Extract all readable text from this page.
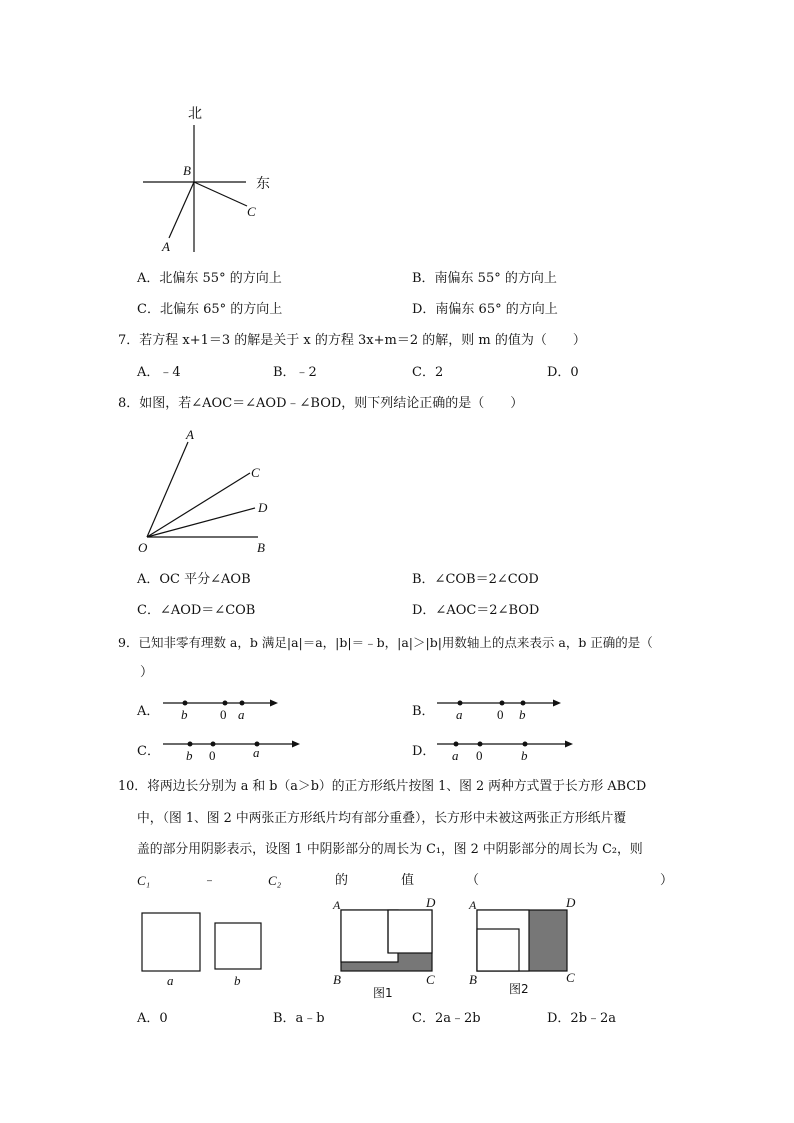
北
东
B
C
A
A．北偏东 55° 的方向上	B．南偏东 55° 的方向上
C．北偏东 65° 的方向上	D．南偏东 65° 的方向上
7．若方程 x+1＝3 的解是关于 x 的方程 3x+m＝2 的解，则 m 的值为（　　）
A．﹣4	B．﹣2	C．2	D．0
8．如图，若∠AOC＝∠AOD﹣∠BOD，则下列结论正确的是（　　）
A
C
D
O	B
A．OC 平分∠AOB	B．∠COB＝2∠COD
C．∠AOD＝∠COB	D．∠AOC＝2∠BOD
9．已知非零有理数 a，b 满足|a|＝a，|b|＝﹣b，|a|＞|b|用数轴上的点来表示 a，b 正确的是（
）
A． b	0 a	B． a	0 b
C． b 0	a	D． a 0	b
10．将两边长分别为 a 和 b（a＞b）的正方形纸片按图 1、图 2 两种方式置于长方形 ABCD
中，（图 1、图 2 中两张正方形纸片均有部分重叠），长方形中未被这两张正方形纸片覆
盖的部分用阴影表示，设图 1 中阴影部分的周长为 C₁，图 2 中阴影部分的周长为 C₂，则
C₁	﹣	C₂	的	值	（	）
a	b
A	D
B	C
图1
A	D
B	C
图2
A．0	B．a﹣b	C．2a﹣2b	D．2b﹣2a
